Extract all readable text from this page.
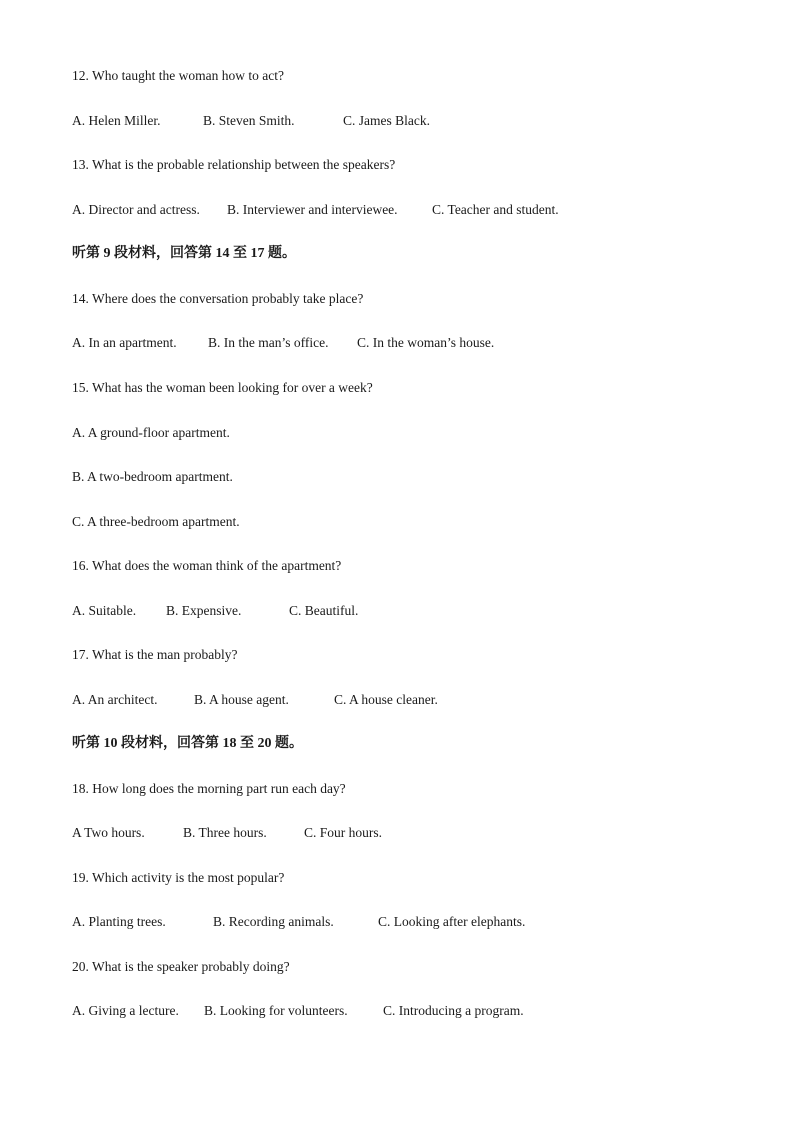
12. Who taught the woman how to act?
A. Helen Miller.	B. Steven Smith.	C. James Black.
13. What is the probable relationship between the speakers?
A. Director and actress. B. Interviewer and interviewee.	C. Teacher and student.
听第 9 段材料，回答第 14 至 17 题。
14. Where does the conversation probably take place?
A. In an apartment. B. In the man’s office. C. In the woman’s house.
15. What has the woman been looking for over a week?
A. A ground-floor apartment.
B. A two-bedroom apartment.
C. A three-bedroom apartment.
16. What does the woman think of the apartment?
A. Suitable. B. Expensive.	C. Beautiful.
17. What is the man probably?
A. An architect.	B. A house agent.	C. A house cleaner.
听第 10 段材料，回答第 18 至 20 题。
18. How long does the morning part run each day?
A Two hours.	B. Three hours.	C. Four hours.
19. Which activity is the most popular?
A. Planting trees.	B. Recording animals.	C. Looking after elephants.
20. What is the speaker probably doing?
A. Giving a lecture. B. Looking for volunteers.	C. Introducing a program.
